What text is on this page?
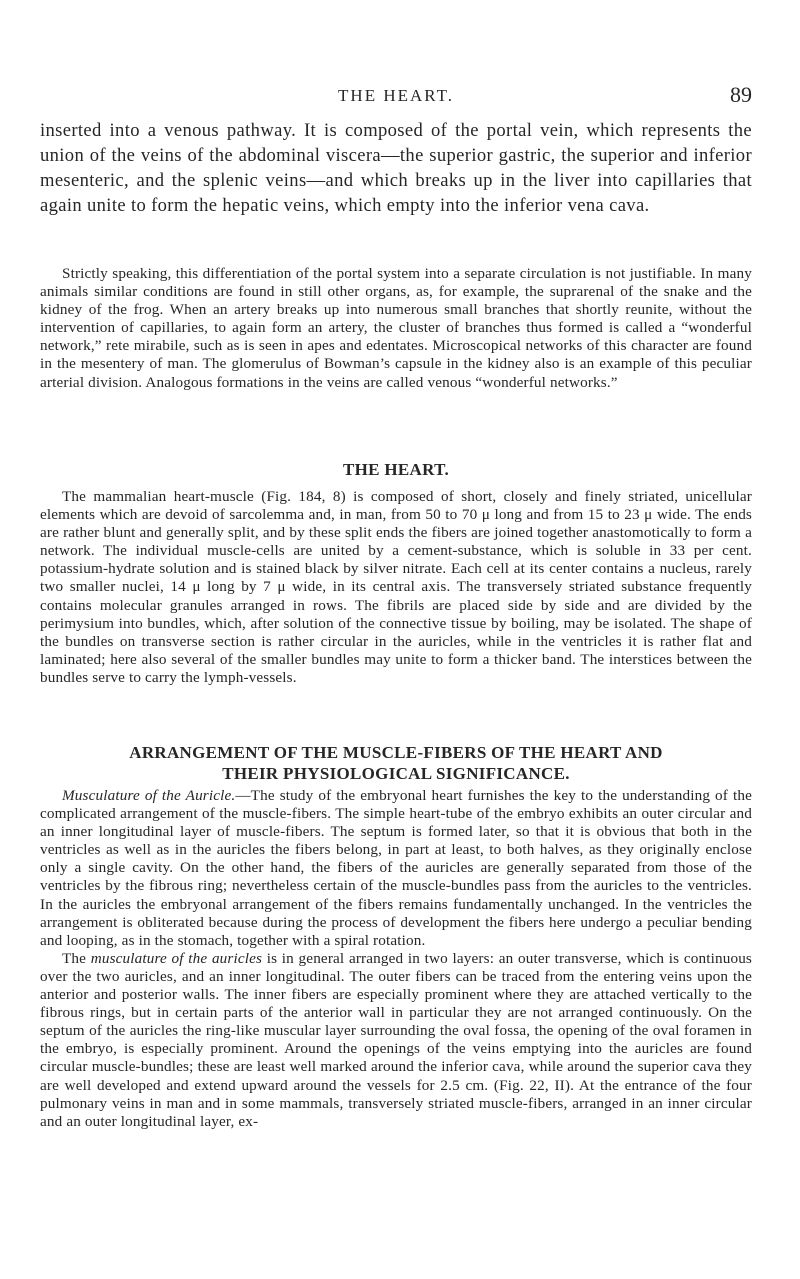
THE HEART.	89
inserted into a venous pathway. It is composed of the portal vein, which represents the union of the veins of the abdominal viscera—the superior gastric, the superior and inferior mesenteric, and the splenic veins—and which breaks up in the liver into capillaries that again unite to form the hepatic veins, which empty into the inferior vena cava.

Strictly speaking, this differentiation of the portal system into a separate circulation is not justifiable. In many animals similar conditions are found in still other organs, as, for example, the suprarenal of the snake and the kidney of the frog. When an artery breaks up into numerous small branches that shortly reunite, without the intervention of capillaries, to again form an artery, the cluster of branches thus formed is called a “wonderful network,” rete mirabile, such as is seen in apes and edentates. Microscopical networks of this character are found in the mesentery of man. The glomerulus of Bowman’s capsule in the kidney also is an example of this peculiar arterial division. Analogous formations in the veins are called venous “wonderful networks.”

THE HEART.

The mammalian heart-muscle (Fig. 184, 8) is composed of short, closely and finely striated, unicellular elements which are devoid of sarcolemma and, in man, from 50 to 70 μ long and from 15 to 23 μ wide. The ends are rather blunt and generally split, and by these split ends the fibers are joined together anastomotically to form a network. The individual muscle-cells are united by a cement-substance, which is soluble in 33 per cent. potassium-hydrate solution and is stained black by silver nitrate. Each cell at its center contains a nucleus, rarely two smaller nuclei, 14 μ long by 7 μ wide, in its central axis. The transversely striated substance frequently contains molecular granules arranged in rows. The fibrils are placed side by side and are divided by the perimysium into bundles, which, after solution of the connective tissue by boiling, may be isolated. The shape of the bundles on transverse section is rather circular in the auricles, while in the ventricles it is rather flat and laminated; here also several of the smaller bundles may unite to form a thicker band. The interstices between the bundles serve to carry the lymph-vessels.

ARRANGEMENT OF THE MUSCLE-FIBERS OF THE HEART AND
THEIR PHYSIOLOGICAL SIGNIFICANCE.

Musculature of the Auricle.—The study of the embryonal heart furnishes the key to the understanding of the complicated arrangement of the muscle-fibers. The simple heart-tube of the embryo exhibits an outer circular and an inner longitudinal layer of muscle-fibers. The septum is formed later, so that it is obvious that both in the ventricles as well as in the auricles the fibers belong, in part at least, to both halves, as they originally enclose only a single cavity. On the other hand, the fibers of the auricles are generally separated from those of the ventricles by the fibrous ring; nevertheless certain of the muscle-bundles pass from the auricles to the ventricles. In the auricles the embryonal arrangement of the fibers remains fundamentally unchanged. In the ventricles the arrangement is obliterated because during the process of development the fibers here undergo a peculiar bending and looping, as in the stomach, together with a spiral rotation.

The musculature of the auricles is in general arranged in two layers: an outer transverse, which is continuous over the two auricles, and an inner longitudinal. The outer fibers can be traced from the entering veins upon the anterior and posterior walls. The inner fibers are especially prominent where they are attached vertically to the fibrous rings, but in certain parts of the anterior wall in particular they are not arranged continuously. On the septum of the auricles the ring-like muscular layer surrounding the oval fossa, the opening of the oval foramen in the embryo, is especially prominent. Around the openings of the veins emptying into the auricles are found circular muscle-bundles; these are least well marked around the inferior cava, while around the superior cava they are well developed and extend upward around the vessels for 2.5 cm. (Fig. 22, II). At the entrance of the four pulmonary veins in man and in some mammals, transversely striated muscle-fibers, arranged in an inner circular and an outer longitudinal layer, ex-
